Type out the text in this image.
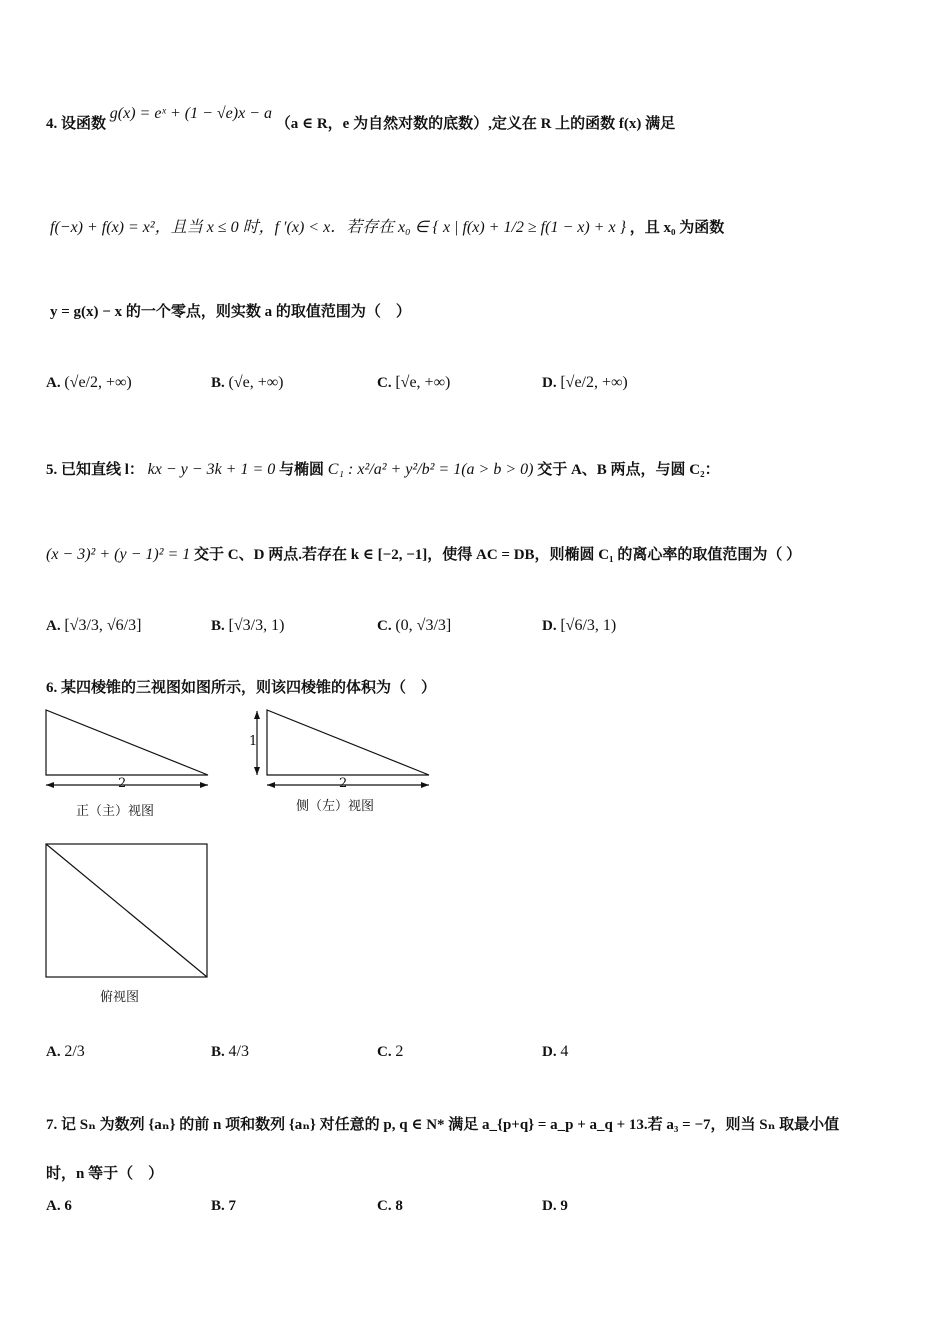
4. 设函数 g(x) = eˣ + (1 − √e)x − a （a ∈ R，e 为自然对数的底数）,定义在 R 上的函数 f(x) 满足
f(−x) + f(x) = x²，且当 x ≤ 0 时，f ′(x) < x．若存在 x₀ ∈ { x | f(x) + 1/2 ≥ f(1 − x) + x } ，且 x₀ 为函数
y = g(x) − x 的一个零点，则实数 a 的取值范围为（　）
A. (√e/2, +∞)	B. (√e, +∞)	C. [√e, +∞)	D. [√e/2, +∞)
5. 已知直线 l： kx − y − 3k + 1 = 0 与椭圆 C₁ : x²/a² + y²/b² = 1(a > b > 0) 交于 A、B 两点，与圆 C₂：
(x − 3)² + (y − 1)² = 1 交于 C、D 两点.若存在 k ∈ [−2, −1]，使得 AC = DB，则椭圆 C₁ 的离心率的取值范围为（ ）
A. [√3/3, √6/3]	B. [√3/3, 1)	C. (0, √3/3]	D. [√6/3, 1)
6. 某四棱锥的三视图如图所示，则该四棱锥的体积为（　）
2
正（主）视图
1
2
侧（左）视图
俯视图
A. 2/3	B. 4/3	C. 2	D. 4
7. 记 Sₙ 为数列 {aₙ} 的前 n 项和数列 {aₙ} 对任意的 p, q ∈ N* 满足 a_{p+q} = a_p + a_q + 13.若 a₃ = −7，则当 Sₙ 取最小值
时，n 等于（　）
A. 6	B. 7	C. 8	D. 9
